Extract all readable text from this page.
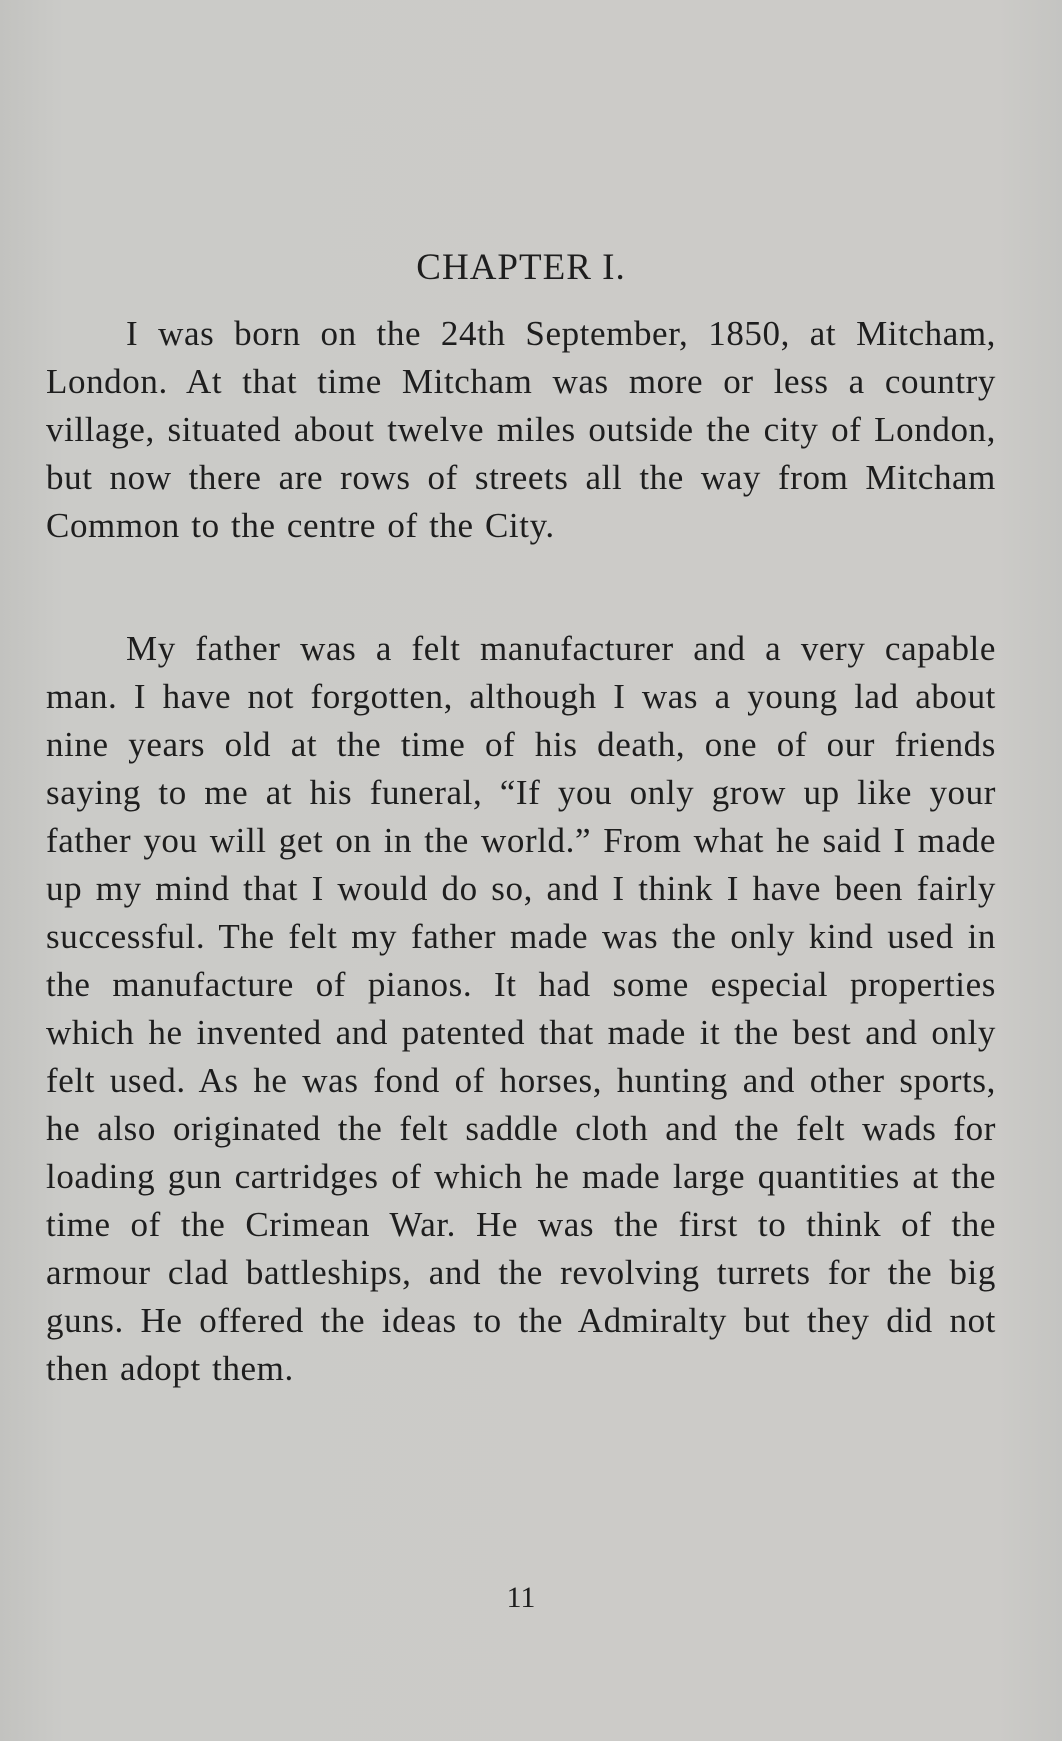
CHAPTER I.

I was born on the 24th September, 1850, at Mitcham, London. At that time Mitcham was more or less a country village, situated about twelve miles outside the city of London, but now there are rows of streets all the way from Mitcham Common to the centre of the City.

My father was a felt manufacturer and a very capable man. I have not forgotten, although I was a young lad about nine years old at the time of his death, one of our friends saying to me at his funeral, “If you only grow up like your father you will get on in the world.” From what he said I made up my mind that I would do so, and I think I have been fairly successful. The felt my father made was the only kind used in the manufacture of pianos. It had some especial properties which he invented and patented that made it the best and only felt used. As he was fond of horses, hunting and other sports, he also originated the felt saddle cloth and the felt wads for loading gun cartridges of which he made large quantities at the time of the Crimean War. He was the first to think of the armour clad battleships, and the revolving turrets for the big guns. He offered the ideas to the Admiralty but they did not then adopt them.

11
